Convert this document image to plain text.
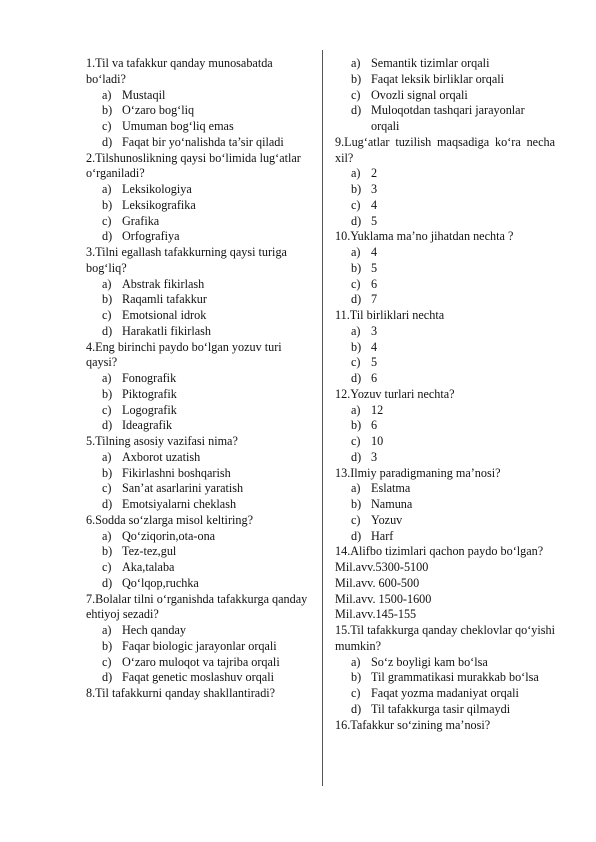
1.Til va tafakkur qanday munosabatda bo‘ladi?
a) Mustaqil
b) O‘zaro bog‘liq
c) Umuman bog‘liq emas
d) Faqat bir yo‘nalishda ta’sir qiladi
2.Tilshunoslikning qaysi bo‘limida lug‘atlar o‘rganiladi?
a) Leksikologiya
b) Leksikografika
c) Grafika
d) Orfografiya
3.Tilni egallash tafakkurning qaysi turiga bog‘liq?
a) Abstrak fikirlash
b) Raqamli tafakkur
c) Emotsional idrok
d) Harakatli fikirlash
4.Eng birinchi paydo bo‘lgan yozuv turi qaysi?
a) Fonografik
b) Piktografik
c) Logografik
d) Ideagrafik
5.Tilning asosiy vazifasi nima?
a) Axborot uzatish
b) Fikirlashni boshqarish
c) San’at asarlarini yaratish
d) Emotsiyalarni cheklash
6.Sodda so‘zlarga misol keltiring?
a) Qo‘ziqorin,ota-ona
b) Tez-tez,gul
c) Aka,talaba
d) Qo‘lqop,ruchka
7.Bolalar tilni o‘rganishda tafakkurga qanday ehtiyoj sezadi?
a) Hech qanday
b) Faqar biologic jarayonlar orqali
c) O‘zaro muloqot va tajriba orqali
d) Faqat genetic moslashuv orqali
8.Til tafakkurni qanday shakllantiradi?
a) Semantik tizimlar orqali
b) Faqat leksik birliklar orqali
c) Ovozli signal orqali
d) Muloqotdan tashqari jarayonlar orqali
9.Lug‘atlar tuzilish maqsadiga ko‘ra necha xil?
a) 2
b) 3
c) 4
d) 5
10.Yuklama ma’no jihatdan nechta ?
a) 4
b) 5
c) 6
d) 7
11.Til birliklari nechta
a) 3
b) 4
c) 5
d) 6
12.Yozuv turlari nechta?
a) 12
b) 6
c) 10
d) 3
13.Ilmiy paradigmaning ma’nosi?
a) Eslatma
b) Namuna
c) Yozuv
d) Harf
14.Alifbo tizimlari qachon paydo bo‘lgan?
Mil.avv.5300-5100
Mil.avv. 600-500
Mil.avv. 1500-1600
Mil.avv.145-155
15.Til tafakkurga qanday cheklovlar qo‘yishi mumkin?
a) So‘z boyligi kam bo‘lsa
b) Til grammatikasi murakkab bo‘lsa
c) Faqat yozma madaniyat orqali
d) Til tafakkurga tasir qilmaydi
16.Tafakkur so‘zining ma’nosi?
